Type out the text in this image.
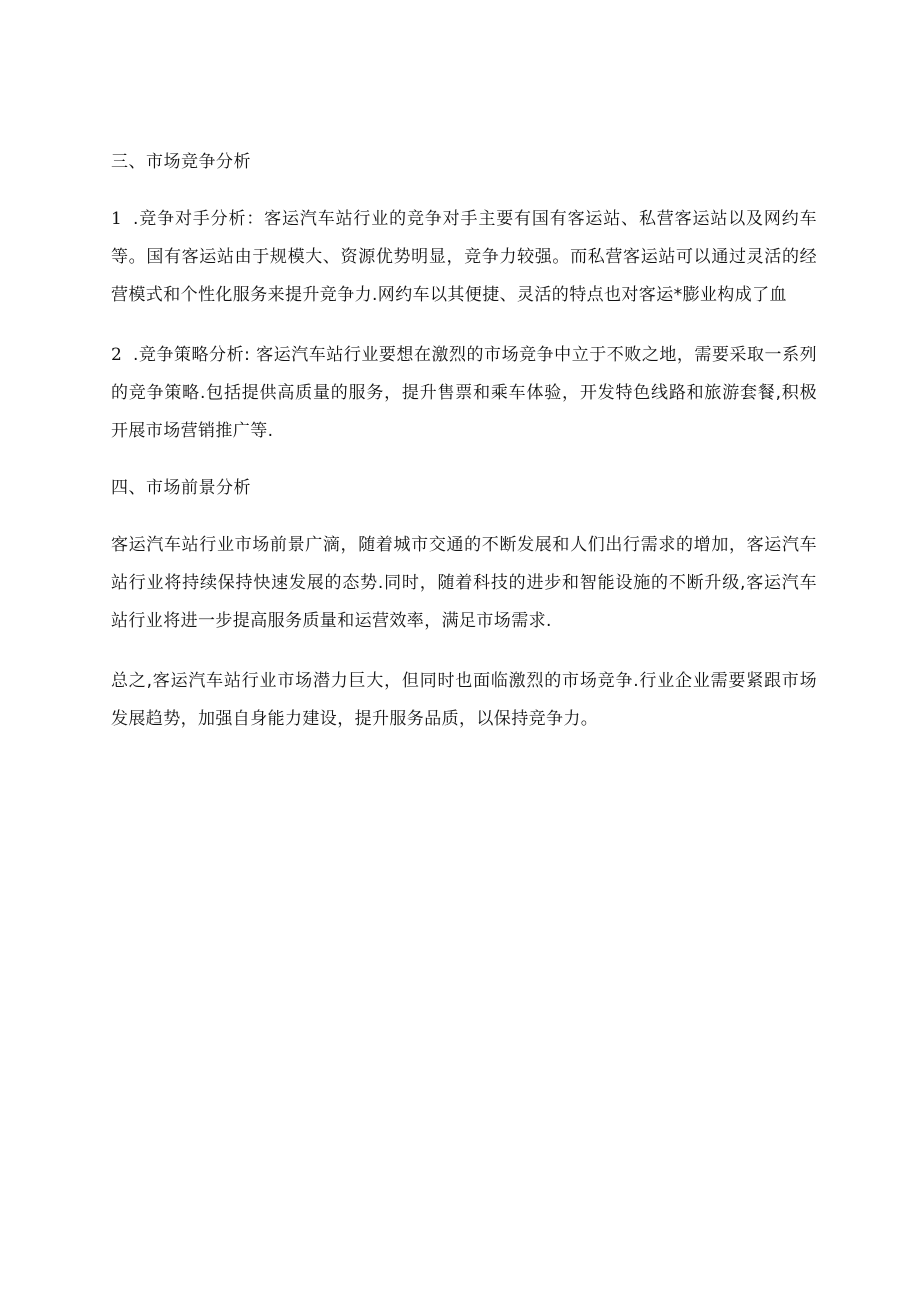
三、市场竞争分析
1 .竞争对手分析：客运汽车站行业的竞争对手主要有国有客运站、私营客运站以及网约车等。国有客运站由于规模大、资源优势明显，竞争力较强。而私营客运站可以通过灵活的经营模式和个性化服务来提升竞争力.网约车以其便捷、灵活的特点也对客运*膨业构成了血
2 .竞争策略分析: 客运汽车站行业要想在激烈的市场竞争中立于不败之地，需要采取一系列的竞争策略.包括提供高质量的服务，提升售票和乘车体验，开发特色线路和旅游套餐,积极开展市场营销推广等.
四、市场前景分析
客运汽车站行业市场前景广滴，随着城市交通的不断发展和人们出行需求的增加，客运汽车站行业将持续保持快速发展的态势.同时，随着科技的进步和智能设施的不断升级,客运汽车站行业将进一步提高服务质量和运营效率，满足市场需求.
总之,客运汽车站行业市场潜力巨大，但同时也面临激烈的市场竞争.行业企业需要紧跟市场发展趋势，加强自身能力建设，提升服务品质，以保持竞争力。
